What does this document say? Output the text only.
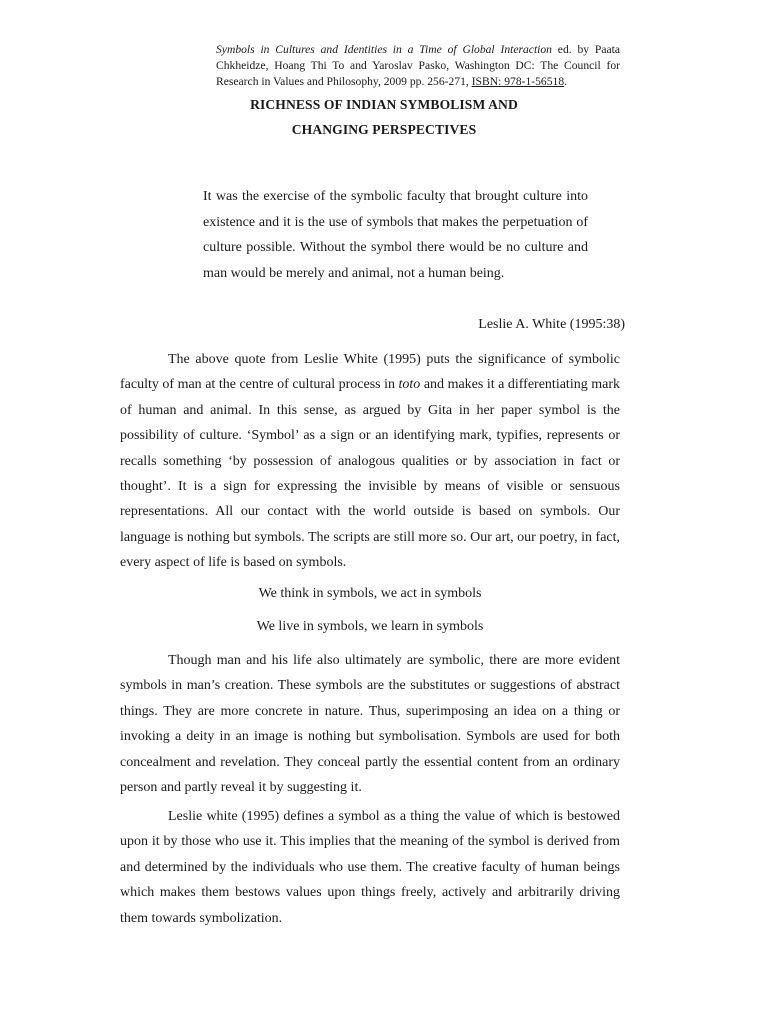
Symbols in Cultures and Identities in a Time of Global Interaction ed. by Paata Chkheidze, Hoang Thi To and Yaroslav Pasko, Washington DC: The Council for Research in Values and Philosophy, 2009 pp. 256-271, ISBN: 978-1-56518.
RICHNESS OF INDIAN SYMBOLISM AND
CHANGING PERSPECTIVES
It was the exercise of the symbolic faculty that brought culture into existence and it is the use of symbols that makes the perpetuation of culture possible. Without the symbol there would be no culture and man would be merely and animal, not a human being.
Leslie A. White (1995:38)

The above quote from Leslie White (1995) puts the significance of symbolic faculty of man at the centre of cultural process in toto and makes it a differentiating mark of human and animal. In this sense, as argued by Gita in her paper symbol is the possibility of culture. ‘Symbol’ as a sign or an identifying mark, typifies, represents or recalls something ‘by possession of analogous qualities or by association in fact or thought’. It is a sign for expressing the invisible by means of visible or sensuous representations. All our contact with the world outside is based on symbols. Our language is nothing but symbols. The scripts are still more so. Our art, our poetry, in fact, every aspect of life is based on symbols.

We think in symbols, we act in symbols
We live in symbols, we learn in symbols

Though man and his life also ultimately are symbolic, there are more evident symbols in man’s creation. These symbols are the substitutes or suggestions of abstract things. They are more concrete in nature. Thus, superimposing an idea on a thing or invoking a deity in an image is nothing but symbolisation. Symbols are used for both concealment and revelation. They conceal partly the essential content from an ordinary person and partly reveal it by suggesting it.

Leslie white (1995) defines a symbol as a thing the value of which is bestowed upon it by those who use it. This implies that the meaning of the symbol is derived from and determined by the individuals who use them. The creative faculty of human beings which makes them bestows values upon things freely, actively and arbitrarily driving them towards symbolization.
